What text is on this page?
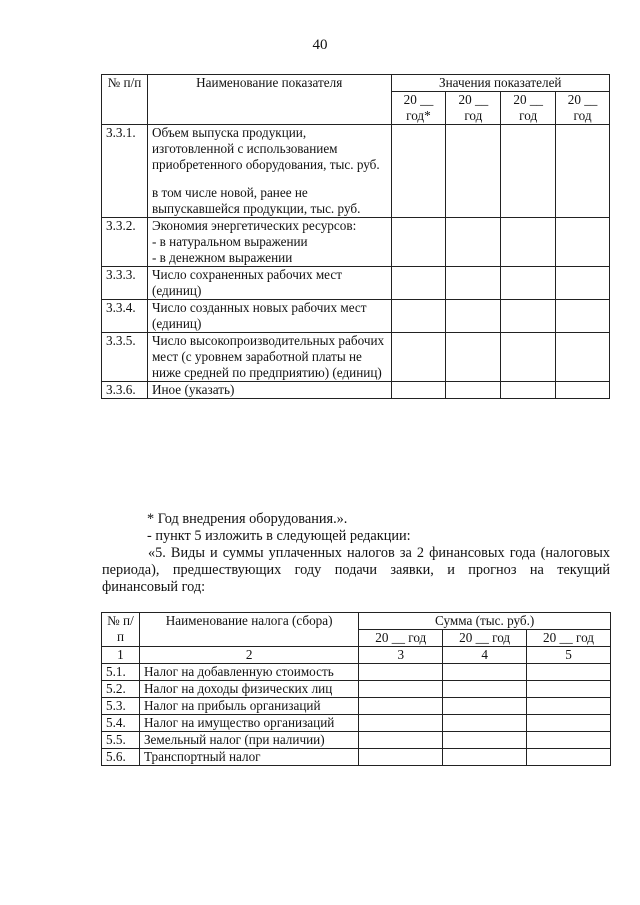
40
№ п/п	Наименование показателя	Значения показателей			
		20 __ год*	20 __ год	20 __ год	20 __ год
3.3.1.	Объем выпуска продукции, изготовленной с использованием приобретенного оборудования, тыс. руб.
в том числе новой, ранее не выпускавшейся продукции, тыс. руб.				

3.3.2.	Экономия энергетических ресурсов:
- в натуральном выражении
- в денежном выражении				

3.3.3.	Число сохраненных рабочих мест (единиц)				
3.3.4.	Число созданных новых рабочих мест (единиц)				
3.3.5.	Число высокопроизводительных рабочих мест (с уровнем заработной платы не ниже средней по предприятию) (единиц)				
3.3.6.	Иное (указать)				
* Год внедрения оборудования.».
- пункт 5 изложить в следующей редакции:
«5. Виды и суммы уплаченных налогов за 2 финансовых года (налоговых периода), предшествующих году подачи заявки, и прогноз на текущий финансовый год:
№ п/п	Наименование налога (сбора)	Сумма (тыс. руб.)		
		20 __ год	20 __ год	20 __ год
1	2	3	4	5
5.1.	Налог на добавленную стоимость			
5.2.	Налог на доходы физических лиц			
5.3.	Налог на прибыль организаций			
5.4.	Налог на имущество организаций			
5.5.	Земельный налог (при наличии)			
5.6.	Транспортный налог			
